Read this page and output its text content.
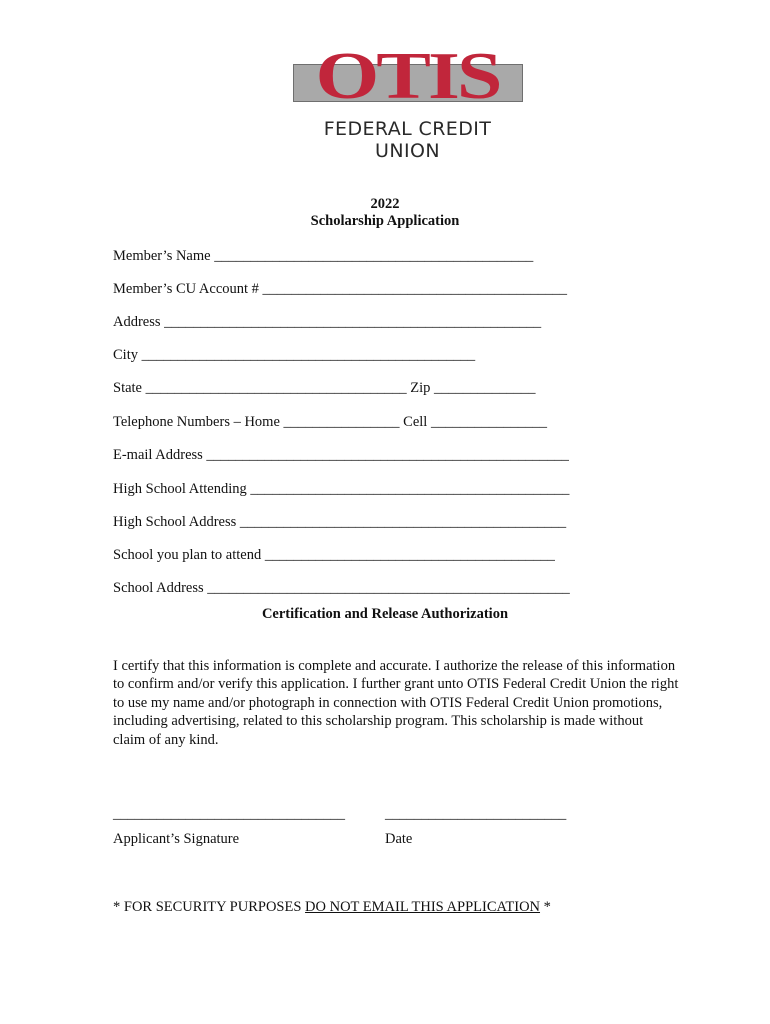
OTIS
FEDERAL CREDIT UNION
2022
Scholarship Application
Member’s Name ____________________________________________
Member’s CU Account # __________________________________________
Address ____________________________________________________
City ______________________________________________
State ____________________________________ Zip ______________
Telephone Numbers – Home ________________ Cell ________________
E-mail Address __________________________________________________
High School Attending ____________________________________________
High School Address _____________________________________________
School you plan to attend ________________________________________
School Address __________________________________________________
Certification and Release Authorization
I certify that this information is complete and accurate. I authorize the release of this information
to confirm and/or verify this application. I further grant unto OTIS Federal Credit Union the right
to use my name and/or photograph in connection with OTIS Federal Credit Union promotions,
including advertising, related to this scholarship program. This scholarship is made without
claim of any kind.
________________________________	_________________________
Applicant’s Signature	Date
* FOR SECURITY PURPOSES DO NOT EMAIL THIS APPLICATION *
